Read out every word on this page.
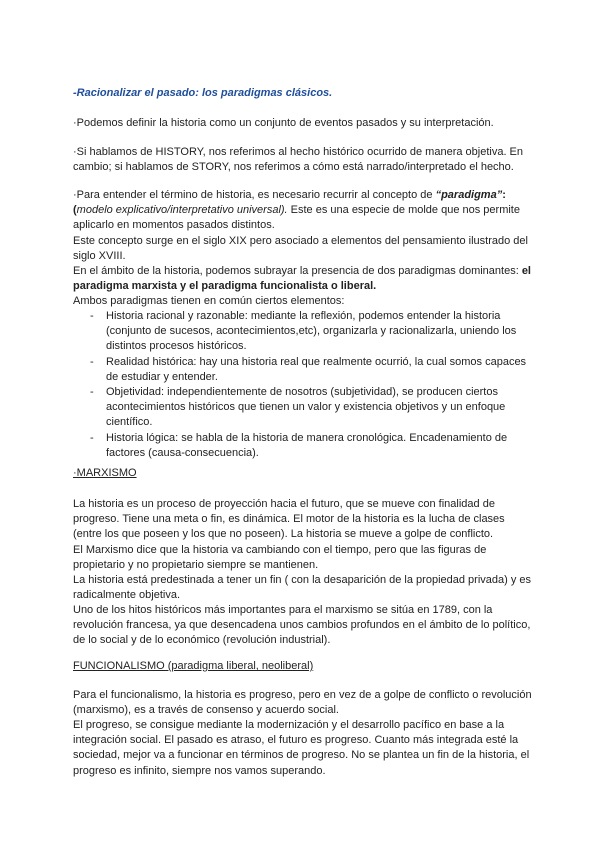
-Racionalizar el pasado: los paradigmas clásicos.
·Podemos definir la historia como un conjunto de eventos pasados y su interpretación.
·Si hablamos de HISTORY, nos referimos al hecho histórico ocurrido de manera objetiva. En cambio; si hablamos de STORY, nos referimos a cómo está narrado/interpretado el hecho.
·Para entender el término de historia, es necesario recurrir al concepto de “paradigma”: (modelo explicativo/interpretativo universal). Este es una especie de molde que nos permite aplicarlo en momentos pasados distintos.
Este concepto surge en el siglo XIX pero asociado a elementos del pensamiento ilustrado del siglo XVIII.
En el ámbito de la historia, podemos subrayar la presencia de dos paradigmas dominantes: el paradigma marxista y el paradigma funcionalista o liberal.
Ambos paradigmas tienen en común ciertos elementos:
- Historia racional y razonable: mediante la reflexión, podemos entender la historia (conjunto de sucesos, acontecimientos,etc), organizarla y racionalizarla, uniendo los distintos procesos históricos.
- Realidad histórica: hay una historia real que realmente ocurrió, la cual somos capaces de estudiar y entender.
- Objetividad: independientemente de nosotros (subjetividad), se producen ciertos acontecimientos históricos que tienen un valor y existencia objetivos y un enfoque científico.
- Historia lógica: se habla de la historia de manera cronológica. Encadenamiento de factores (causa-consecuencia).
·MARXISMO
La historia es un proceso de proyección hacia el futuro, que se mueve con finalidad de progreso. Tiene una meta o fin, es dinámica. El motor de la historia es la lucha de clases (entre los que poseen y los que no poseen). La historia se mueve a golpe de conflicto.
El Marxismo dice que la historia va cambiando con el tiempo, pero que las figuras de propietario y no propietario siempre se mantienen.
La historia está predestinada a tener un fin ( con la desaparición de la propiedad privada) y es radicalmente objetiva.
Uno de los hitos históricos más importantes para el marxismo se sitúa en 1789, con la revolución francesa, ya que desencadena unos cambios profundos en el ámbito de lo político, de lo social y de lo económico (revolución industrial).
FUNCIONALISMO (paradigma liberal, neoliberal)
Para el funcionalismo, la historia es progreso, pero en vez de a golpe de conflicto o revolución (marxismo), es a través de consenso y acuerdo social.
El progreso, se consigue mediante la modernización y el desarrollo pacífico en base a la integración social. El pasado es atraso, el futuro es progreso. Cuanto más integrada esté la sociedad, mejor va a funcionar en términos de progreso. No se plantea un fin de la historia, el progreso es infinito, siempre nos vamos superando.
